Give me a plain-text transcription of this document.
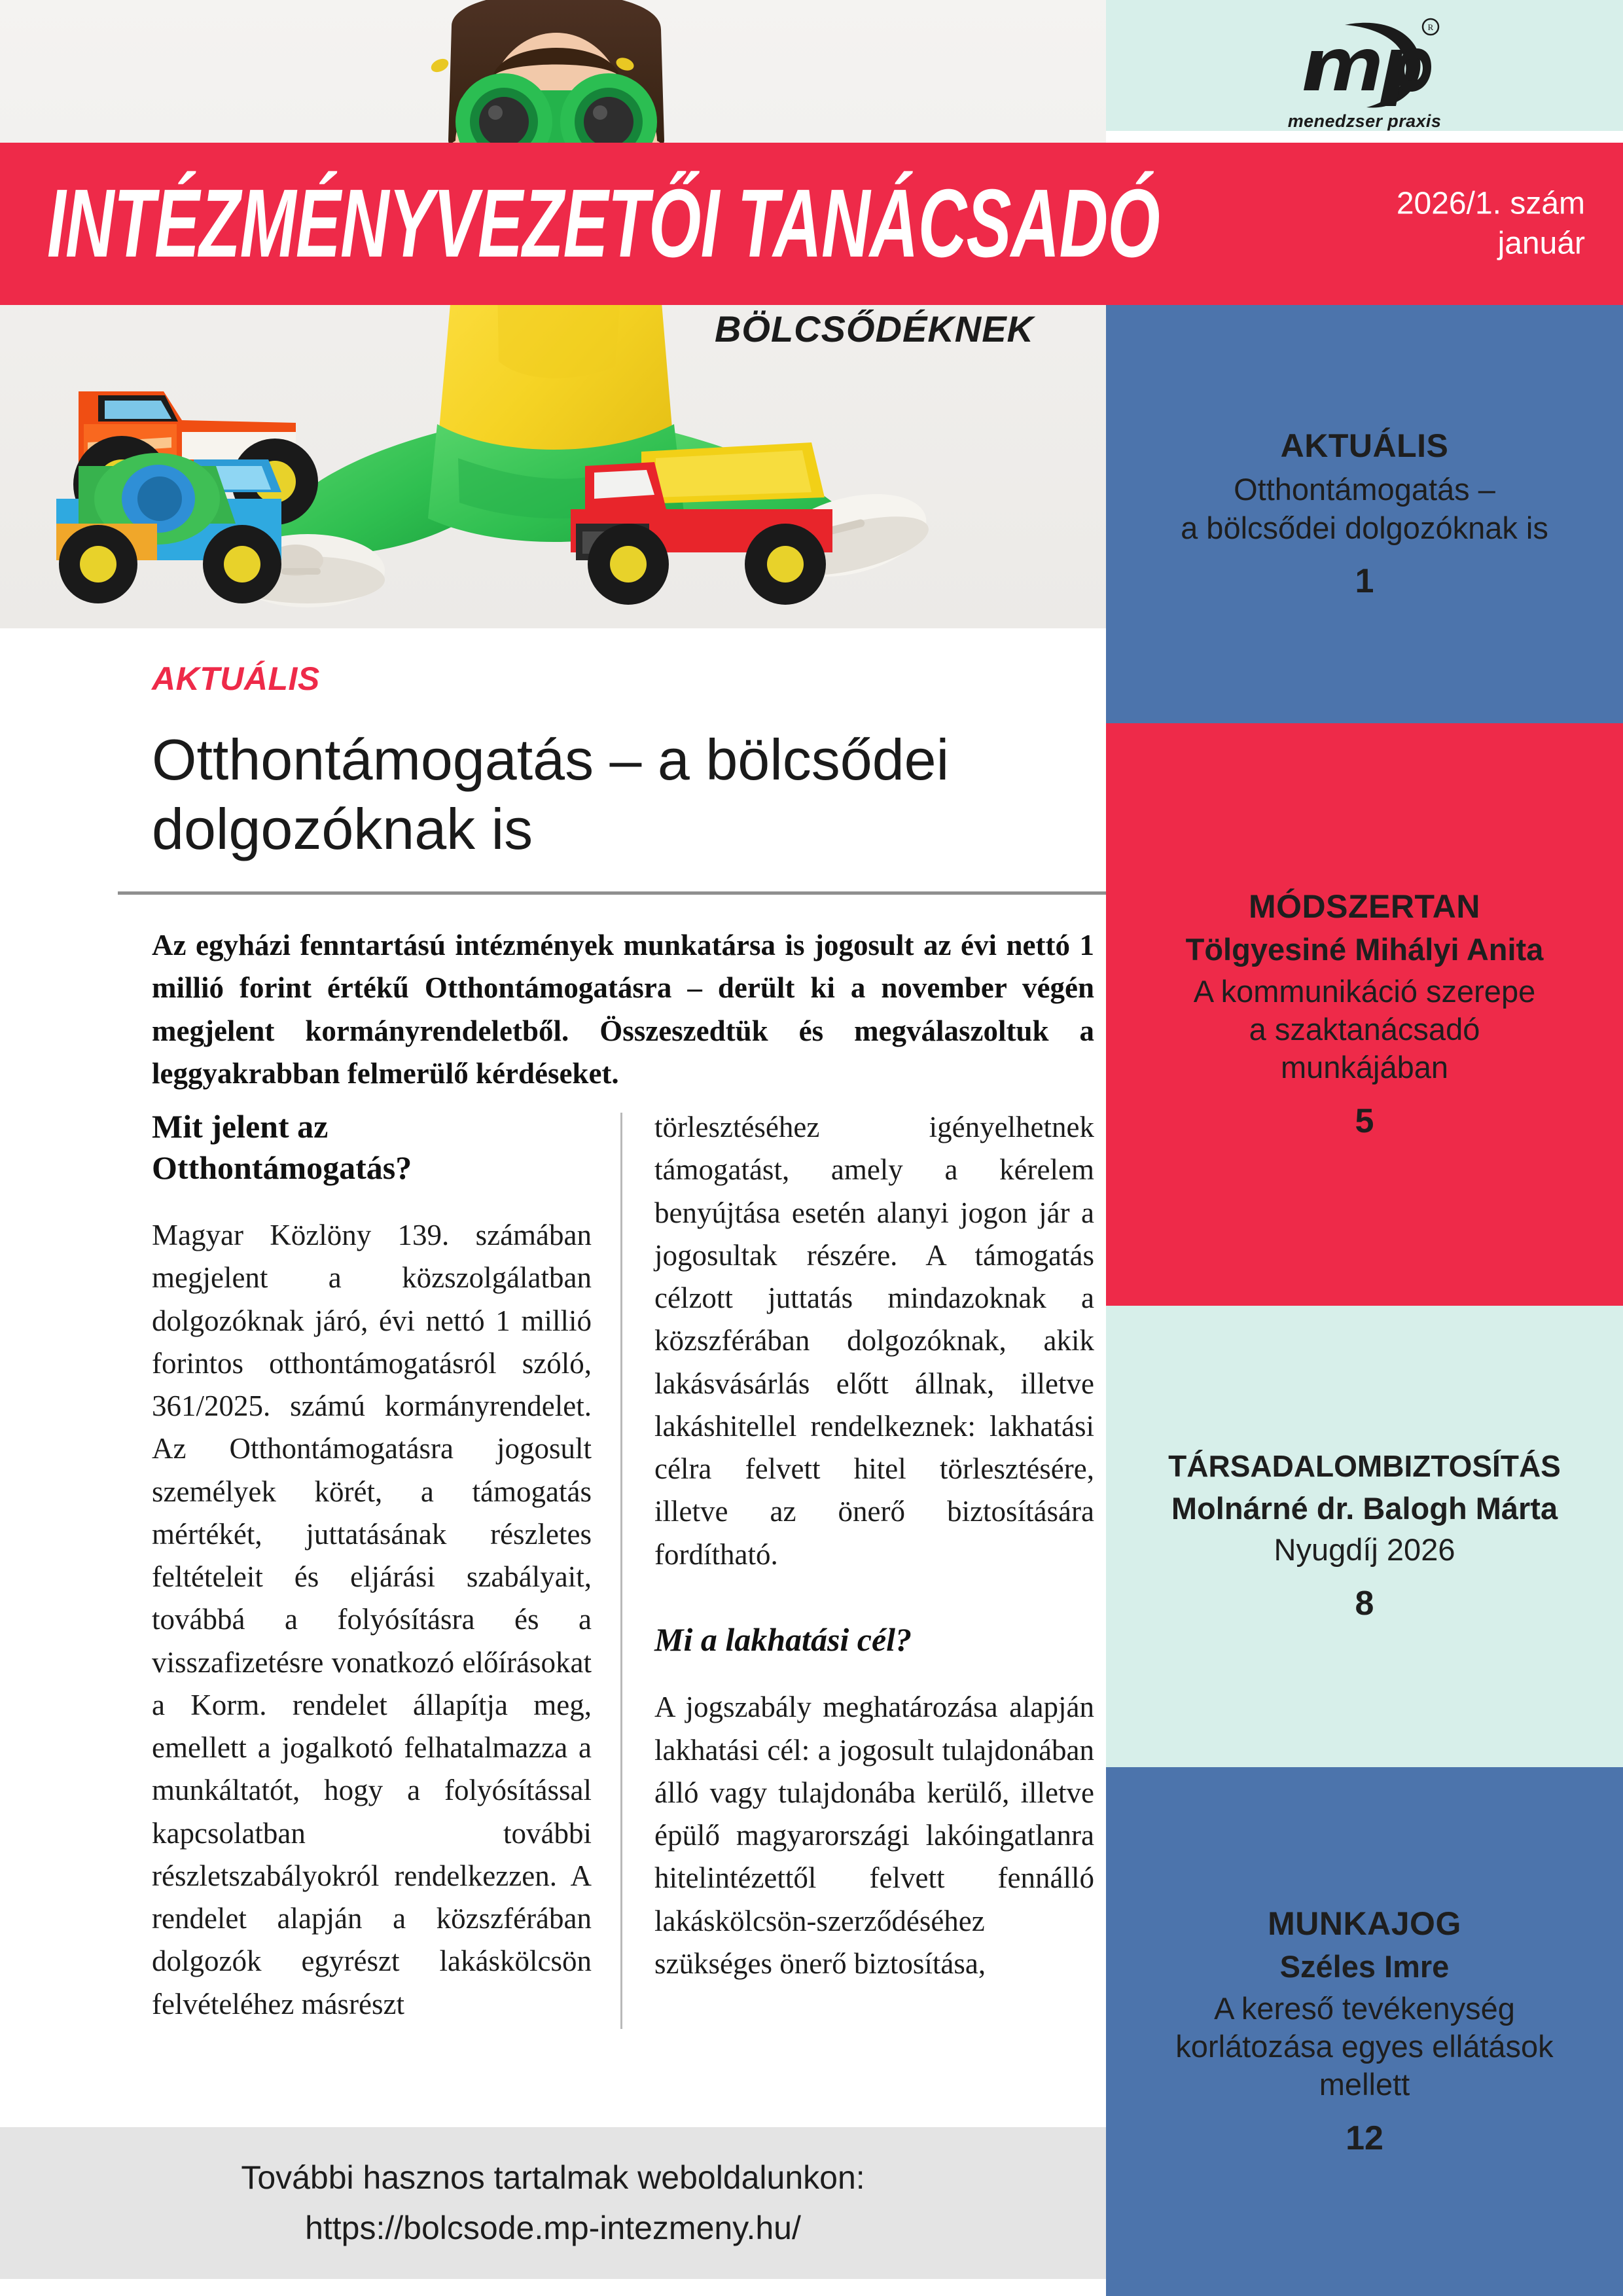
R
menedzser praxis
INTÉZMÉNYVEZETŐI TANÁCSADÓ	2026/1. szám
január
BÖLCSŐDÉKNEK
AKTUÁLIS
Otthontámogatás –
a bölcsődei dolgozóknak is
1
MÓDSZERTAN
Tölgyesiné Mihályi Anita
A kommunikáció szerepe
a szaktanácsadó
munkájában
5
TÁRSADALOMBIZTOSÍTÁS
Molnárné dr. Balogh Márta
Nyugdíj 2026
8
MUNKAJOG
Széles Imre
A kereső tevékenység
korlátozása egyes ellátások
mellett
12
AKTUÁLIS
Otthontámogatás – a bölcsődei dolgozóknak is
Az egyházi fenntartású intézmények munkatársa is jogosult az évi nettó 1 millió forint értékű Otthontámogatásra – derült ki a november végén megjelent kormányrendeletből. Összeszedtük és megválaszoltuk a leggyakrabban felmerülő kérdéseket.
Mit jelent az Otthontámogatás?

Magyar Közlöny 139. számában megjelent a közszolgálatban dolgozóknak járó, évi nettó 1 millió forintos otthontámogatásról szóló, 361/2025. számú kormányrendelet. Az Otthontámogatásra jogosult személyek körét, a támogatás mértékét, juttatásának részletes feltételeit és eljárási szabályait, továbbá a folyósításra és a visszafizetésre vonatkozó előírásokat a Korm. rendelet állapítja meg, emellett a jogalkotó felhatalmazza a munkáltatót, hogy a folyósítással kapcsolatban további részletszabályokról rendelkezzen. A rendelet alapján a közszférában dolgozók egyrészt lakáskölcsön felvételéhez másrészt

törlesztéséhez igényelhetnek támogatást, amely a kérelem benyújtása esetén alanyi jogon jár a jogosultak részére. A támogatás célzott juttatás mindazoknak a közszférában dolgozóknak, akik lakásvásárlás előtt állnak, illetve lakáshitellel rendelkeznek: lakhatási célra felvett hitel törlesztésére, illetve az önerő biztosítására fordítható.

Mi a lakhatási cél?

A jogszabály meghatározása alapján lakhatási cél: a jogosult tulajdonában álló vagy tulajdonába kerülő, illetve épülő magyarországi lakóingatlanra hitelintézettől felvett fennálló lakáskölcsön-szerződéséhez szükséges önerő biztosítása,

További hasznos tartalmak weboldalunkon:
https://bolcsode.mp-intezmeny.hu/
